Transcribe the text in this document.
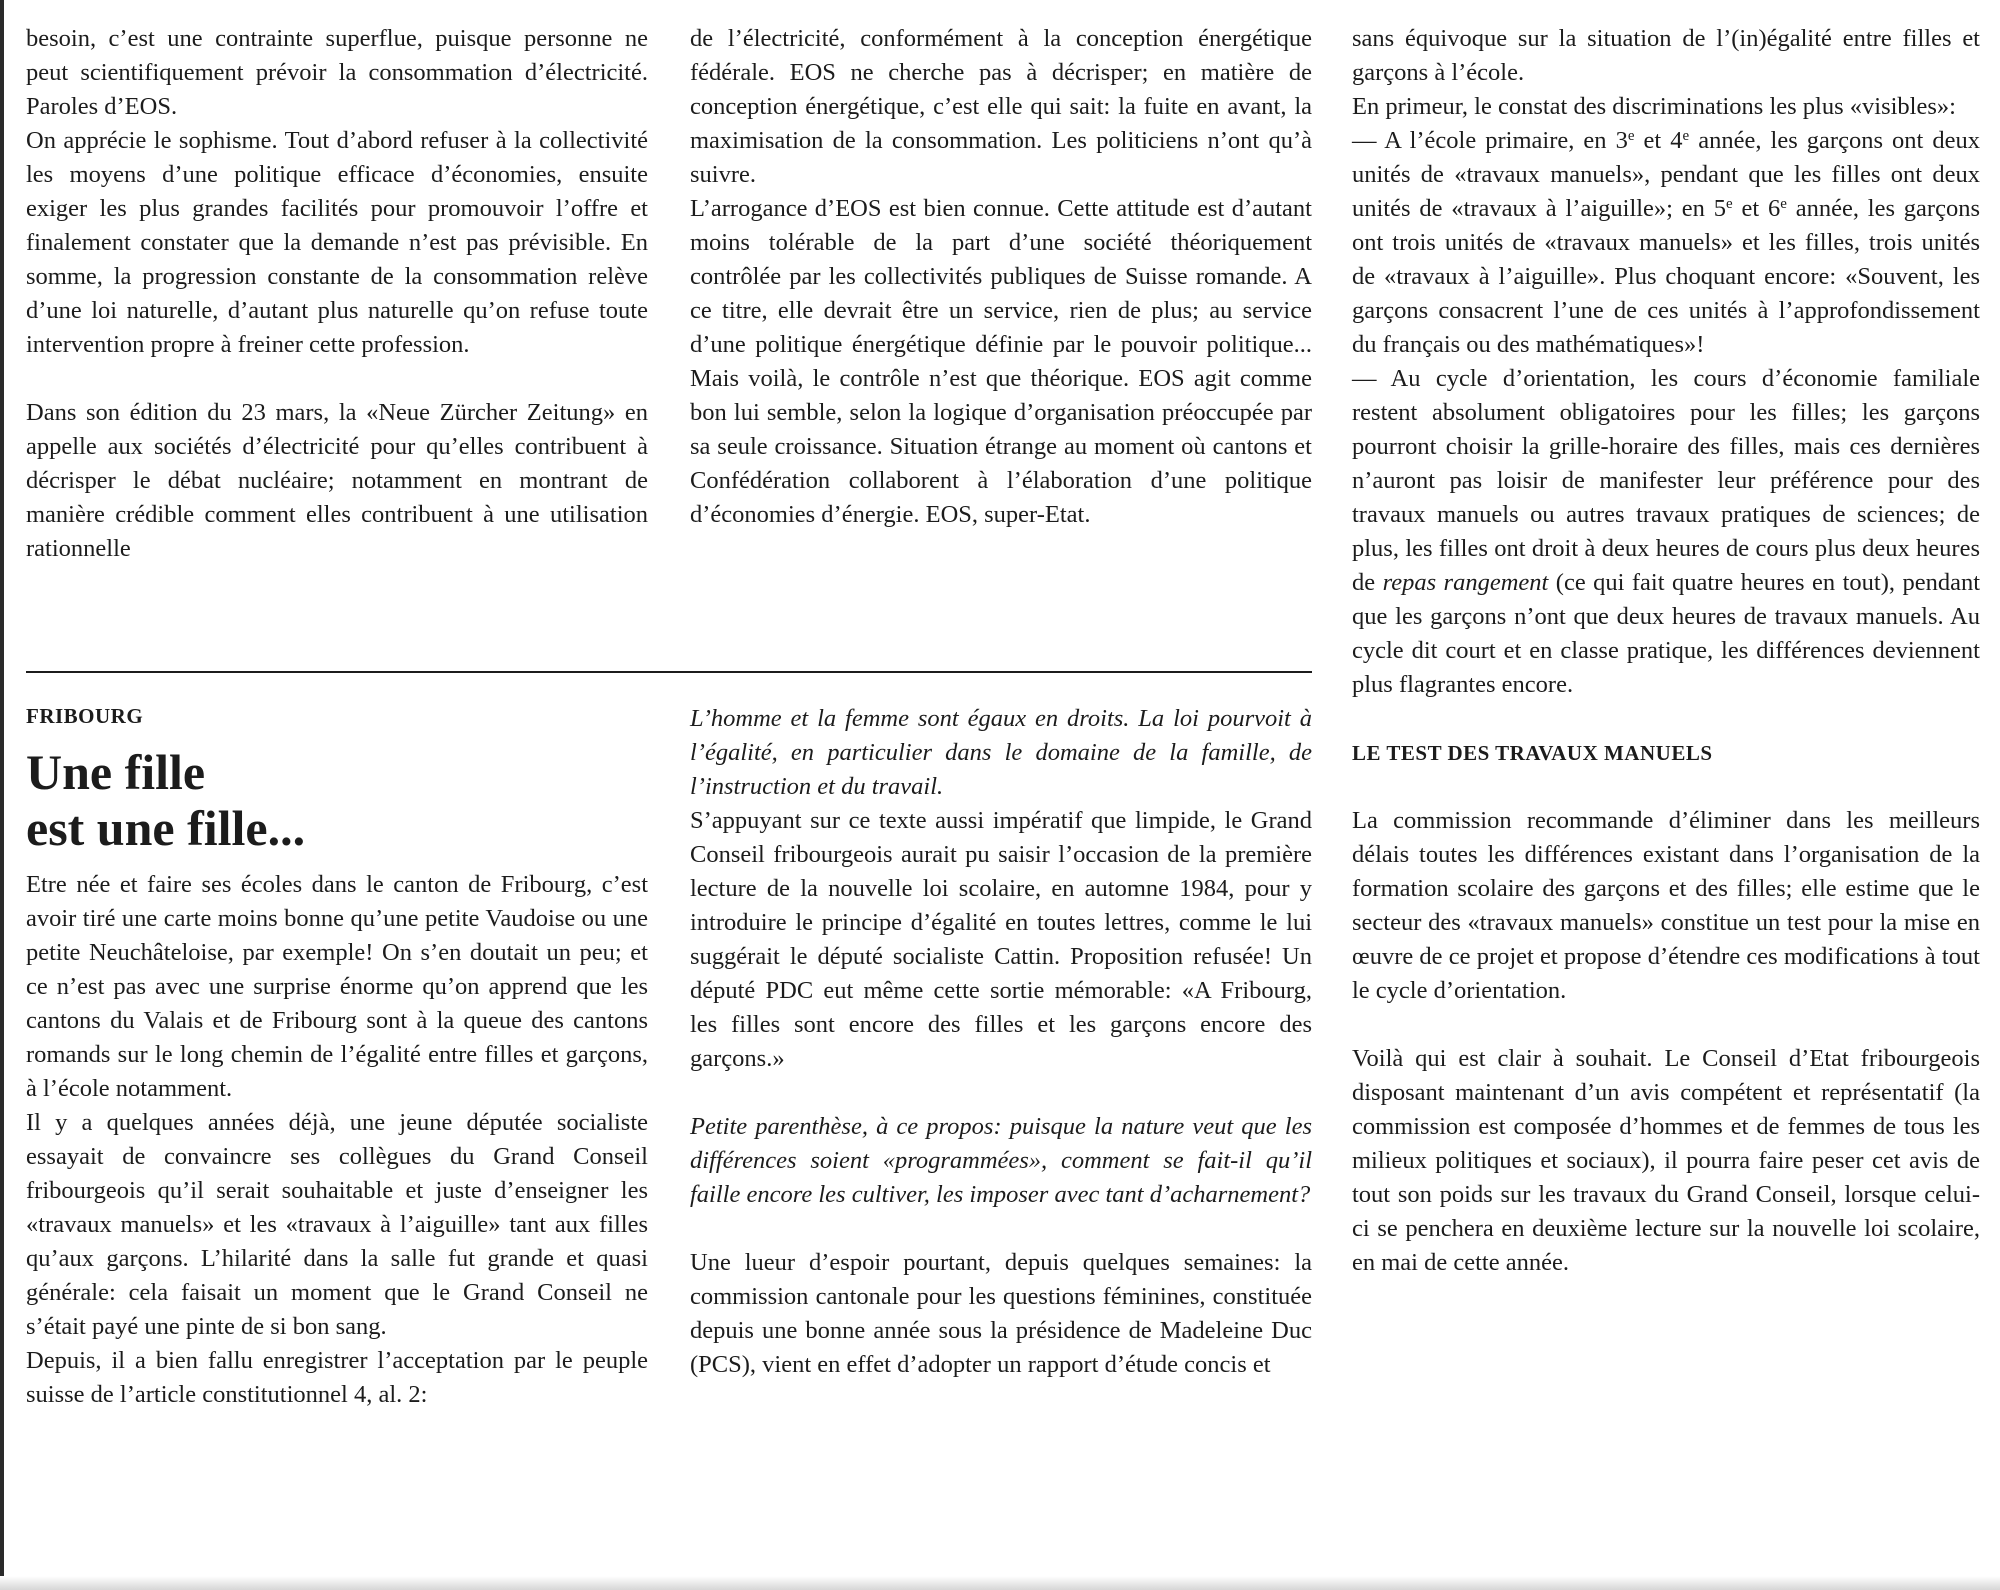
besoin, c’est une contrainte superflue, puisque personne ne peut scientifiquement prévoir la consommation d’électricité. Paroles d’EOS.

On apprécie le sophisme. Tout d’abord refuser à la collectivité les moyens d’une politique efficace d’économies, ensuite exiger les plus grandes facilités pour promouvoir l’offre et finalement constater que la demande n’est pas prévisible. En somme, la progression constante de la consommation relève d’une loi naturelle, d’autant plus naturelle qu’on refuse toute intervention propre à freiner cette profession.

Dans son édition du 23 mars, la «Neue Zürcher Zeitung» en appelle aux sociétés d’électricité pour qu’elles contribuent à décrisper le débat nucléaire; notamment en montrant de manière crédible comment elles contribuent à une utilisation rationnelle

de l’électricité, conformément à la conception énergétique fédérale. EOS ne cherche pas à décrisper; en matière de conception énergétique, c’est elle qui sait: la fuite en avant, la maximisation de la consommation. Les politiciens n’ont qu’à suivre.

L’arrogance d’EOS est bien connue. Cette attitude est d’autant moins tolérable de la part d’une société théoriquement contrôlée par les collectivités publiques de Suisse romande. A ce titre, elle devrait être un service, rien de plus; au service d’une politique énergétique définie par le pouvoir politique... Mais voilà, le contrôle n’est que théorique. EOS agit comme bon lui semble, selon la logique d’organisation préoccupée par sa seule croissance. Situation étrange au moment où cantons et Confédération collaborent à l’élaboration d’une politique d’économies d’énergie. EOS, super-Etat.

FRIBOURG

Une fille
est une fille...

Etre née et faire ses écoles dans le canton de Fribourg, c’est avoir tiré une carte moins bonne qu’une petite Vaudoise ou une petite Neuchâteloise, par exemple! On s’en doutait un peu; et ce n’est pas avec une surprise énorme qu’on apprend que les cantons du Valais et de Fribourg sont à la queue des cantons romands sur le long chemin de l’égalité entre filles et garçons, à l’école notamment.

Il y a quelques années déjà, une jeune députée socialiste essayait de convaincre ses collègues du Grand Conseil fribourgeois qu’il serait souhaitable et juste d’enseigner les «travaux manuels» et les «travaux à l’aiguille» tant aux filles qu’aux garçons. L’hilarité dans la salle fut grande et quasi générale: cela faisait un moment que le Grand Conseil ne s’était payé une pinte de si bon sang.

Depuis, il a bien fallu enregistrer l’acceptation par le peuple suisse de l’article constitutionnel 4, al. 2:

L’homme et la femme sont égaux en droits. La loi pourvoit à l’égalité, en particulier dans le domaine de la famille, de l’instruction et du travail.

S’appuyant sur ce texte aussi impératif que limpide, le Grand Conseil fribourgeois aurait pu saisir l’occasion de la première lecture de la nouvelle loi scolaire, en automne 1984, pour y introduire le principe d’égalité en toutes lettres, comme le lui suggérait le député socialiste Cattin. Proposition refusée! Un député PDC eut même cette sortie mémorable: «A Fribourg, les filles sont encore des filles et les garçons encore des garçons.»

Petite parenthèse, à ce propos: puisque la nature veut que les différences soient «programmées», comment se fait-il qu’il faille encore les cultiver, les imposer avec tant d’acharnement?

Une lueur d’espoir pourtant, depuis quelques semaines: la commission cantonale pour les questions féminines, constituée depuis une bonne année sous la présidence de Madeleine Duc (PCS), vient en effet d’adopter un rapport d’étude concis et

sans équivoque sur la situation de l’(in)égalité entre filles et garçons à l’école.

En primeur, le constat des discriminations les plus «visibles»:

— A l’école primaire, en 3e et 4e année, les garçons ont deux unités de «travaux manuels», pendant que les filles ont deux unités de «travaux à l’aiguille»; en 5e et 6e année, les garçons ont trois unités de «travaux manuels» et les filles, trois unités de «travaux à l’aiguille». Plus choquant encore: «Souvent, les garçons consacrent l’une de ces unités à l’approfondissement du français ou des mathématiques»!

— Au cycle d’orientation, les cours d’économie familiale restent absolument obligatoires pour les filles; les garçons pourront choisir la grille-horaire des filles, mais ces dernières n’auront pas loisir de manifester leur préférence pour des travaux manuels ou autres travaux pratiques de sciences; de plus, les filles ont droit à deux heures de cours plus deux heures de repas rangement (ce qui fait quatre heures en tout), pendant que les garçons n’ont que deux heures de travaux manuels. Au cycle dit court et en classe pratique, les différences deviennent plus flagrantes encore.

LE TEST DES TRAVAUX MANUELS

La commission recommande d’éliminer dans les meilleurs délais toutes les différences existant dans l’organisation de la formation scolaire des garçons et des filles; elle estime que le secteur des «travaux manuels» constitue un test pour la mise en œuvre de ce projet et propose d’étendre ces modifications à tout le cycle d’orientation.

Voilà qui est clair à souhait. Le Conseil d’Etat fribourgeois disposant maintenant d’un avis compétent et représentatif (la commission est composée d’hommes et de femmes de tous les milieux politiques et sociaux), il pourra faire peser cet avis de tout son poids sur les travaux du Grand Conseil, lorsque celui-ci se penchera en deuxième lecture sur la nouvelle loi scolaire, en mai de cette année.
